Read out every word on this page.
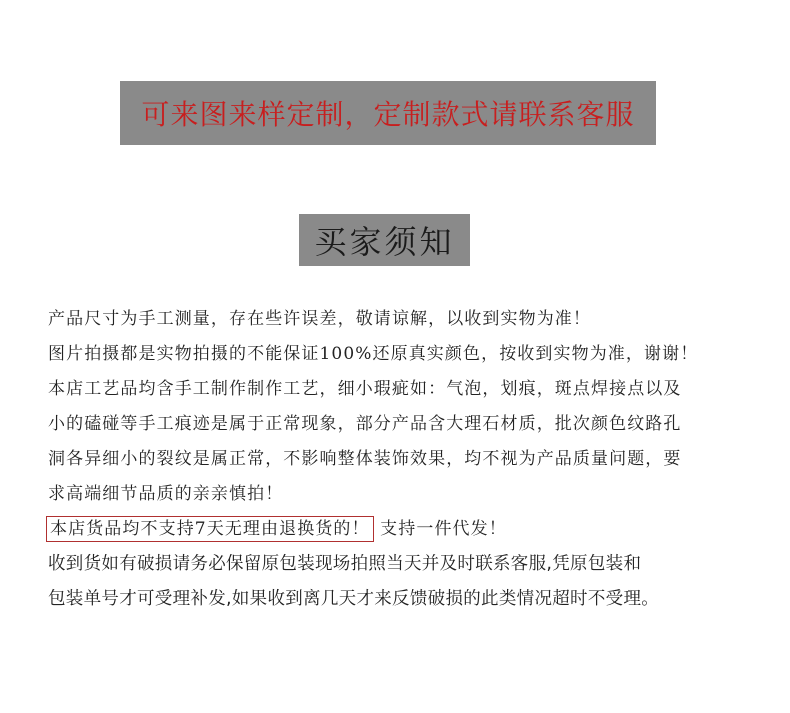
可来图来样定制，定制款式请联系客服
买家须知
产品尺寸为手工测量，存在些许误差，敬请谅解，以收到实物为准！
图片拍摄都是实物拍摄的不能保证100%还原真实颜色，按收到实物为准，谢谢！
本店工艺品均含手工制作制作工艺，细小瑕疵如：气泡，划痕，斑点焊接点以及
小的磕碰等手工痕迹是属于正常现象，部分产品含大理石材质，批次颜色纹路孔
洞各异细小的裂纹是属正常，不影响整体装饰效果，均不视为产品质量问题，要
求高端细节品质的亲亲慎拍！
本店货品均不支持7天无理由退换货的！ 支持一件代发！
收到货如有破损请务必保留原包装现场拍照当天并及时联系客服,凭原包装和
包装单号才可受理补发,如果收到离几天才来反馈破损的此类情况超时不受理。
